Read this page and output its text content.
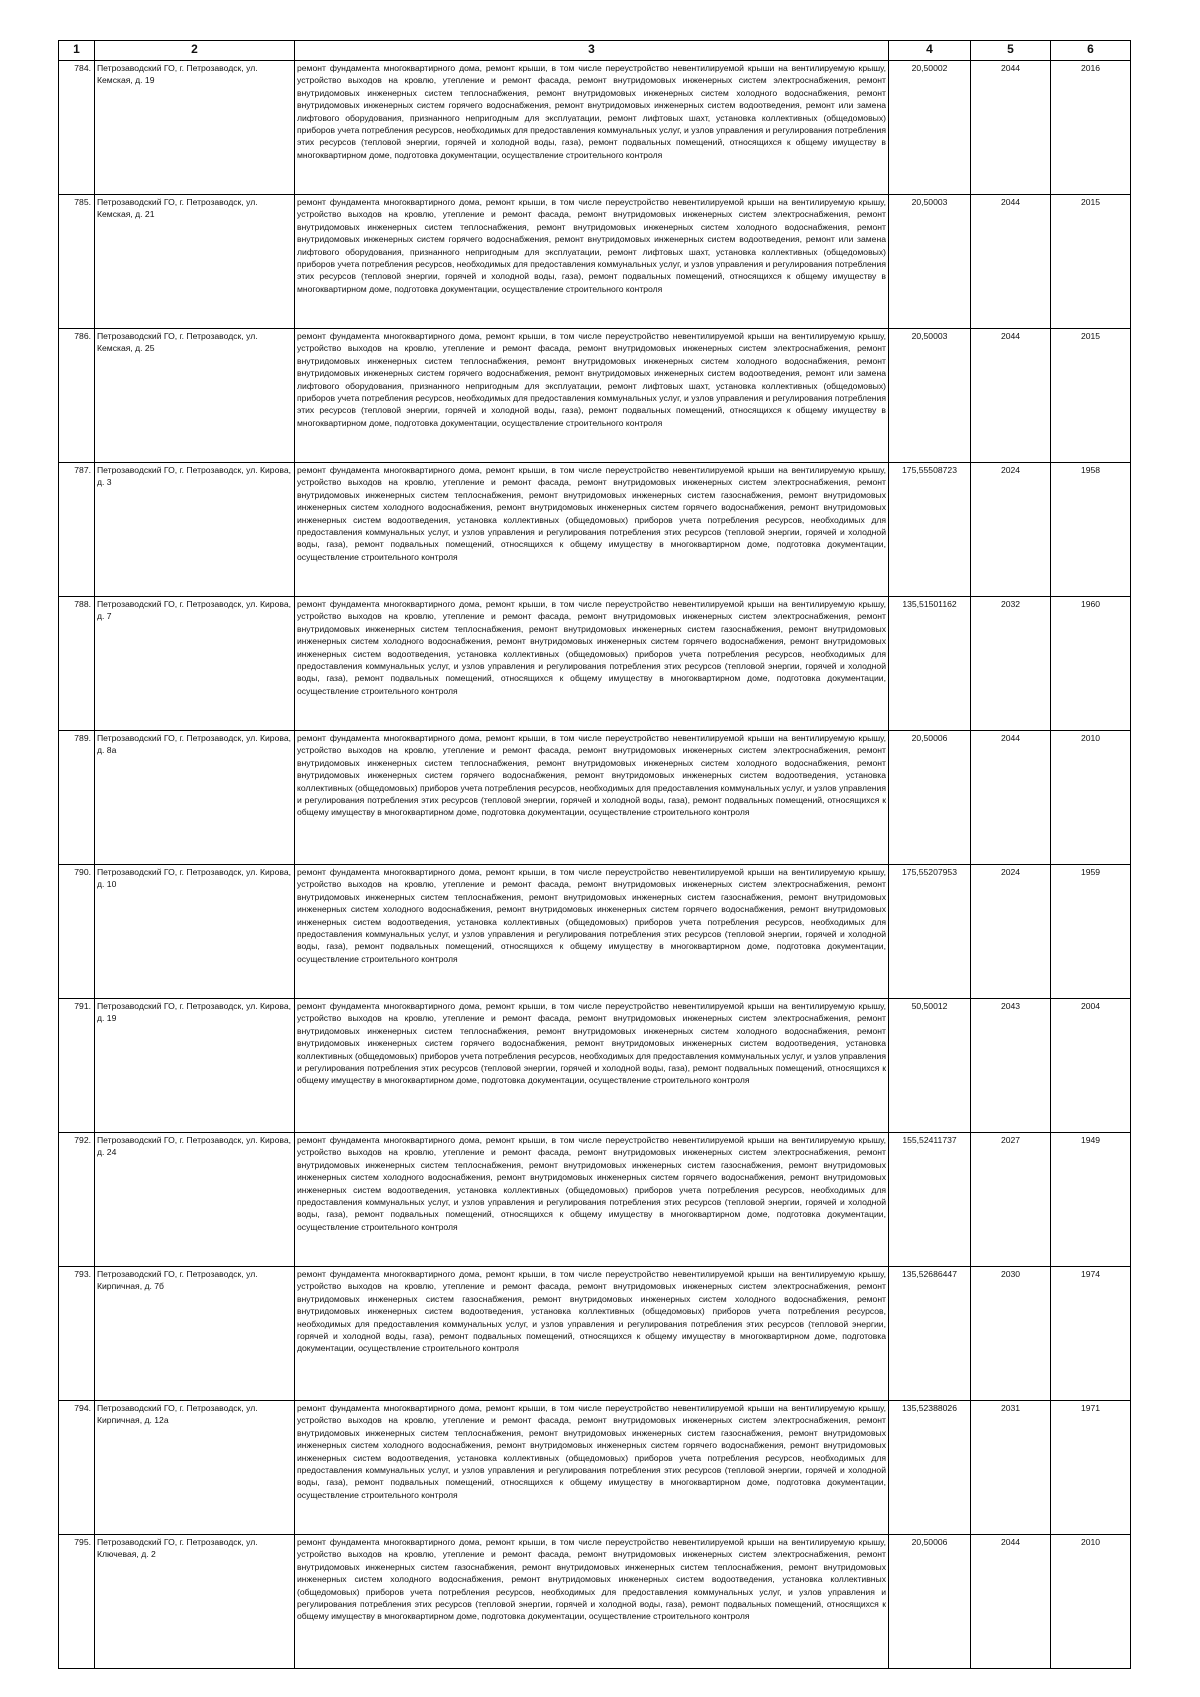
1	2	3	4	5	6
784.	Петрозаводский ГО, г. Петрозаводск, ул. Кемская, д. 19	ремонт фундамента многоквартирного дома, ремонт крыши, в том числе переустройство невентилируемой крыши на вентилируемую крышу, устройство выходов на кровлю, утепление и ремонт фасада, ремонт внутридомовых инженерных систем электроснабжения, ремонт внутридомовых инженерных систем теплоснабжения, ремонт внутридомовых инженерных систем холодного водоснабжения, ремонт внутридомовых инженерных систем горячего водоснабжения, ремонт внутридомовых инженерных систем водоотведения, ремонт или замена лифтового оборудования, признанного непригодным для эксплуатации, ремонт лифтовых шахт, установка коллективных (общедомовых) приборов учета потребления ресурсов, необходимых для предоставления коммунальных услуг, и узлов управления и регулирования потребления этих ресурсов (тепловой энергии, горячей и холодной воды, газа), ремонт подвальных помещений, относящихся к общему имуществу в многоквартирном доме, подготовка документации, осуществление строительного контроля	20,50002	2044	2016
785.	Петрозаводский ГО, г. Петрозаводск, ул. Кемская, д. 21	ремонт фундамента многоквартирного дома, ремонт крыши, в том числе переустройство невентилируемой крыши на вентилируемую крышу, устройство выходов на кровлю, утепление и ремонт фасада, ремонт внутридомовых инженерных систем электроснабжения, ремонт внутридомовых инженерных систем теплоснабжения, ремонт внутридомовых инженерных систем холодного водоснабжения, ремонт внутридомовых инженерных систем горячего водоснабжения, ремонт внутридомовых инженерных систем водоотведения, ремонт или замена лифтового оборудования, признанного непригодным для эксплуатации, ремонт лифтовых шахт, установка коллективных (общедомовых) приборов учета потребления ресурсов, необходимых для предоставления коммунальных услуг, и узлов управления и регулирования потребления этих ресурсов (тепловой энергии, горячей и холодной воды, газа), ремонт подвальных помещений, относящихся к общему имуществу в многоквартирном доме, подготовка документации, осуществление строительного контроля	20,50003	2044	2015
786.	Петрозаводский ГО, г. Петрозаводск, ул. Кемская, д. 25	ремонт фундамента многоквартирного дома, ремонт крыши, в том числе переустройство невентилируемой крыши на вентилируемую крышу, устройство выходов на кровлю, утепление и ремонт фасада, ремонт внутридомовых инженерных систем электроснабжения, ремонт внутридомовых инженерных систем теплоснабжения, ремонт внутридомовых инженерных систем холодного водоснабжения, ремонт внутридомовых инженерных систем горячего водоснабжения, ремонт внутридомовых инженерных систем водоотведения, ремонт или замена лифтового оборудования, признанного непригодным для эксплуатации, ремонт лифтовых шахт, установка коллективных (общедомовых) приборов учета потребления ресурсов, необходимых для предоставления коммунальных услуг, и узлов управления и регулирования потребления этих ресурсов (тепловой энергии, горячей и холодной воды, газа), ремонт подвальных помещений, относящихся к общему имуществу в многоквартирном доме, подготовка документации, осуществление строительного контроля	20,50003	2044	2015
787.	Петрозаводский ГО, г. Петрозаводск, ул. Кирова, д. 3	ремонт фундамента многоквартирного дома, ремонт крыши, в том числе переустройство невентилируемой крыши на вентилируемую крышу, устройство выходов на кровлю, утепление и ремонт фасада, ремонт внутридомовых инженерных систем электроснабжения, ремонт внутридомовых инженерных систем теплоснабжения, ремонт внутридомовых инженерных систем газоснабжения, ремонт внутридомовых инженерных систем холодного водоснабжения, ремонт внутридомовых инженерных систем горячего водоснабжения, ремонт внутридомовых инженерных систем водоотведения, установка коллективных (общедомовых) приборов учета потребления ресурсов, необходимых для предоставления коммунальных услуг, и узлов управления и регулирования потребления этих ресурсов (тепловой энергии, горячей и холодной воды, газа), ремонт подвальных помещений, относящихся к общему имуществу в многоквартирном доме, подготовка документации, осуществление строительного контроля	175,55508723	2024	1958
788.	Петрозаводский ГО, г. Петрозаводск, ул. Кирова, д. 7	ремонт фундамента многоквартирного дома, ремонт крыши, в том числе переустройство невентилируемой крыши на вентилируемую крышу, устройство выходов на кровлю, утепление и ремонт фасада, ремонт внутридомовых инженерных систем электроснабжения, ремонт внутридомовых инженерных систем теплоснабжения, ремонт внутридомовых инженерных систем газоснабжения, ремонт внутридомовых инженерных систем холодного водоснабжения, ремонт внутридомовых инженерных систем горячего водоснабжения, ремонт внутридомовых инженерных систем водоотведения, установка коллективных (общедомовых) приборов учета потребления ресурсов, необходимых для предоставления коммунальных услуг, и узлов управления и регулирования потребления этих ресурсов (тепловой энергии, горячей и холодной воды, газа), ремонт подвальных помещений, относящихся к общему имуществу в многоквартирном доме, подготовка документации, осуществление строительного контроля	135,51501162	2032	1960
789.	Петрозаводский ГО, г. Петрозаводск, ул. Кирова, д. 8а	ремонт фундамента многоквартирного дома, ремонт крыши, в том числе переустройство невентилируемой крыши на вентилируемую крышу, устройство выходов на кровлю, утепление и ремонт фасада, ремонт внутридомовых инженерных систем электроснабжения, ремонт внутридомовых инженерных систем теплоснабжения, ремонт внутридомовых инженерных систем холодного водоснабжения, ремонт внутридомовых инженерных систем горячего водоснабжения, ремонт внутридомовых инженерных систем водоотведения, установка коллективных (общедомовых) приборов учета потребления ресурсов, необходимых для предоставления коммунальных услуг, и узлов управления и регулирования потребления этих ресурсов (тепловой энергии, горячей и холодной воды, газа), ремонт подвальных помещений, относящихся к общему имуществу в многоквартирном доме, подготовка документации, осуществление строительного контроля	20,50006	2044	2010
790.	Петрозаводский ГО, г. Петрозаводск, ул. Кирова, д. 10	ремонт фундамента многоквартирного дома, ремонт крыши, в том числе переустройство невентилируемой крыши на вентилируемую крышу, устройство выходов на кровлю, утепление и ремонт фасада, ремонт внутридомовых инженерных систем электроснабжения, ремонт внутридомовых инженерных систем теплоснабжения, ремонт внутридомовых инженерных систем газоснабжения, ремонт внутридомовых инженерных систем холодного водоснабжения, ремонт внутридомовых инженерных систем горячего водоснабжения, ремонт внутридомовых инженерных систем водоотведения, установка коллективных (общедомовых) приборов учета потребления ресурсов, необходимых для предоставления коммунальных услуг, и узлов управления и регулирования потребления этих ресурсов (тепловой энергии, горячей и холодной воды, газа), ремонт подвальных помещений, относящихся к общему имуществу в многоквартирном доме, подготовка документации, осуществление строительного контроля	175,55207953	2024	1959
791.	Петрозаводский ГО, г. Петрозаводск, ул. Кирова, д. 19	ремонт фундамента многоквартирного дома, ремонт крыши, в том числе переустройство невентилируемой крыши на вентилируемую крышу, устройство выходов на кровлю, утепление и ремонт фасада, ремонт внутридомовых инженерных систем электроснабжения, ремонт внутридомовых инженерных систем теплоснабжения, ремонт внутридомовых инженерных систем холодного водоснабжения, ремонт внутридомовых инженерных систем горячего водоснабжения, ремонт внутридомовых инженерных систем водоотведения, установка коллективных (общедомовых) приборов учета потребления ресурсов, необходимых для предоставления коммунальных услуг, и узлов управления и регулирования потребления этих ресурсов (тепловой энергии, горячей и холодной воды, газа), ремонт подвальных помещений, относящихся к общему имуществу в многоквартирном доме, подготовка документации, осуществление строительного контроля	50,50012	2043	2004
792.	Петрозаводский ГО, г. Петрозаводск, ул. Кирова, д. 24	ремонт фундамента многоквартирного дома, ремонт крыши, в том числе переустройство невентилируемой крыши на вентилируемую крышу, устройство выходов на кровлю, утепление и ремонт фасада, ремонт внутридомовых инженерных систем электроснабжения, ремонт внутридомовых инженерных систем теплоснабжения, ремонт внутридомовых инженерных систем газоснабжения, ремонт внутридомовых инженерных систем холодного водоснабжения, ремонт внутридомовых инженерных систем горячего водоснабжения, ремонт внутридомовых инженерных систем водоотведения, установка коллективных (общедомовых) приборов учета потребления ресурсов, необходимых для предоставления коммунальных услуг, и узлов управления и регулирования потребления этих ресурсов (тепловой энергии, горячей и холодной воды, газа), ремонт подвальных помещений, относящихся к общему имуществу в многоквартирном доме, подготовка документации, осуществление строительного контроля	155,52411737	2027	1949
793.	Петрозаводский ГО, г. Петрозаводск, ул. Кирпичная, д. 7б	ремонт фундамента многоквартирного дома, ремонт крыши, в том числе переустройство невентилируемой крыши на вентилируемую крышу, устройство выходов на кровлю, утепление и ремонт фасада, ремонт внутридомовых инженерных систем электроснабжения, ремонт внутридомовых инженерных систем газоснабжения, ремонт внутридомовых инженерных систем холодного водоснабжения, ремонт внутридомовых инженерных систем водоотведения, установка коллективных (общедомовых) приборов учета потребления ресурсов, необходимых для предоставления коммунальных услуг, и узлов управления и регулирования потребления этих ресурсов (тепловой энергии, горячей и холодной воды, газа), ремонт подвальных помещений, относящихся к общему имуществу в многоквартирном доме, подготовка документации, осуществление строительного контроля	135,52686447	2030	1974
794.	Петрозаводский ГО, г. Петрозаводск, ул. Кирпичная, д. 12а	ремонт фундамента многоквартирного дома, ремонт крыши, в том числе переустройство невентилируемой крыши на вентилируемую крышу, устройство выходов на кровлю, утепление и ремонт фасада, ремонт внутридомовых инженерных систем электроснабжения, ремонт внутридомовых инженерных систем теплоснабжения, ремонт внутридомовых инженерных систем газоснабжения, ремонт внутридомовых инженерных систем холодного водоснабжения, ремонт внутридомовых инженерных систем горячего водоснабжения, ремонт внутридомовых инженерных систем водоотведения, установка коллективных (общедомовых) приборов учета потребления ресурсов, необходимых для предоставления коммунальных услуг, и узлов управления и регулирования потребления этих ресурсов (тепловой энергии, горячей и холодной воды, газа), ремонт подвальных помещений, относящихся к общему имуществу в многоквартирном доме, подготовка документации, осуществление строительного контроля	135,52388026	2031	1971
795.	Петрозаводский ГО, г. Петрозаводск, ул. Ключевая, д. 2	ремонт фундамента многоквартирного дома, ремонт крыши, в том числе переустройство невентилируемой крыши на вентилируемую крышу, устройство выходов на кровлю, утепление и ремонт фасада, ремонт внутридомовых инженерных систем электроснабжения, ремонт внутридомовых инженерных систем газоснабжения, ремонт внутридомовых инженерных систем теплоснабжения, ремонт внутридомовых инженерных систем холодного водоснабжения, ремонт внутридомовых инженерных систем водоотведения, установка коллективных (общедомовых) приборов учета потребления ресурсов, необходимых для предоставления коммунальных услуг, и узлов управления и регулирования потребления этих ресурсов (тепловой энергии, горячей и холодной воды, газа), ремонт подвальных помещений, относящихся к общему имуществу в многоквартирном доме, подготовка документации, осуществление строительного контроля	20,50006	2044	2010
